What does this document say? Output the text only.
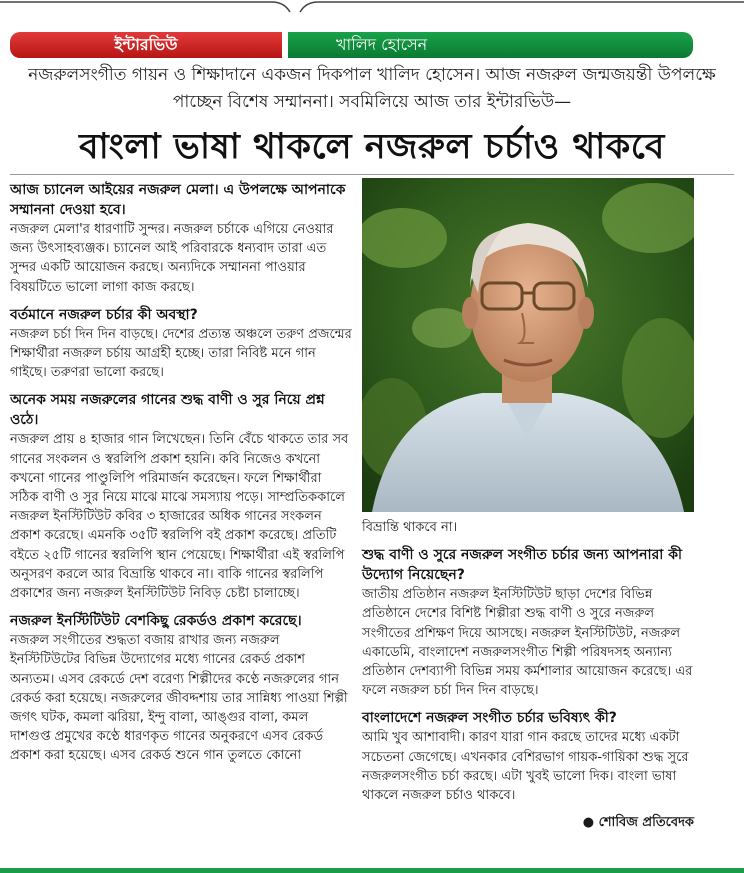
ইন্টারভিউ	খালিদ হোসেন
নজরুলসংগীত গায়ন ও শিক্ষাদানে একজন দিকপাল খালিদ হোসেন। আজ নজরুল জন্মজয়ন্তী উপলক্ষে পাচ্ছেন বিশেষ সম্মাননা। সবমিলিয়ে আজ তার ইন্টারভিউ—
বাংলা ভাষা থাকলে নজরুল চর্চাও থাকবে

আজ চ্যানেল আইয়ের নজরুল মেলা। এ উপলক্ষে আপনাকে সম্মাননা দেওয়া হবে।

নজরুল মেলা'র ধারণাটি সুন্দর। নজরুল চর্চাকে এগিয়ে নেওয়ার জন্য উৎসাহব্যঞ্জক। চ্যানেল আই পরিবারকে ধন্যবাদ তারা এত সুন্দর একটি আয়োজন করছে। অন্যদিকে সম্মাননা পাওয়ার বিষয়টিতে ভালো লাগা কাজ করছে।

বর্তমানে নজরুল চর্চার কী অবস্থা?

নজরুল চর্চা দিন দিন বাড়ছে। দেশের প্রত্যন্ত অঞ্চলে তরুণ প্রজন্মের শিক্ষার্থীরা নজরুল চর্চায় আগ্রহী হচ্ছে। তারা নিবিষ্ট মনে গান গাইছে। তরুণরা ভালো করছে।

অনেক সময় নজরুলের গানের শুদ্ধ বাণী ও সুর নিয়ে প্রশ্ন ওঠে।

নজরুল প্রায় ৪ হাজার গান লিখেছেন। তিনি বেঁচে থাকতে তার সব গানের সংকলন ও স্বরলিপি প্রকাশ হয়নি। কবি নিজেও কখনো কখনো গানের পাণ্ডুলিপি পরিমার্জন করেছেন। ফলে শিক্ষার্থীরা সঠিক বাণী ও সুর নিয়ে মাঝে মাঝে সমস্যায় পড়ে। সাম্প্রতিককালে নজরুল ইনস্টিটিউট কবির ৩ হাজারের অধিক গানের সংকলন প্রকাশ করেছে। এমনকি ৩৫টি স্বরলিপি বই প্রকাশ করেছে। প্রতিটি বইতে ২৫টি গানের স্বরলিপি স্থান পেয়েছে। শিক্ষার্থীরা এই স্বরলিপি অনুসরণ করলে আর বিভ্রান্তি থাকবে না। বাকি গানের স্বরলিপি প্রকাশের জন্য নজরুল ইনস্টিটিউট নিবিড় চেষ্টা চালাচ্ছে।

নজরুল ইনস্টিটিউট বেশকিছু রেকর্ডও প্রকাশ করেছে।

নজরুল সংগীতের শুদ্ধতা বজায় রাখার জন্য নজরুল ইনস্টিটিউটের বিভিন্ন উদ্যোগের মধ্যে গানের রেকর্ড প্রকাশ অন্যতম। এসব রেকর্ডে দেশ বরেণ্য শিল্পীদের কণ্ঠে নজরুলের গান রেকর্ড করা হয়েছে। নজরুলের জীবদ্দশায় তার সান্নিধ্য পাওয়া শিল্পী জগৎ ঘটক, কমলা ঝরিয়া, ইন্দু বালা, আঙ্গুর বালা, কমল দাশগুপ্ত প্রমুখের কণ্ঠে ধারণকৃত গানের অনুকরণে এসব রেকর্ড প্রকাশ করা হয়েছে। এসব রেকর্ড শুনে গান তুলতে কোনো

বিভ্রান্তি থাকবে না।

শুদ্ধ বাণী ও সুরে নজরুল সংগীত চর্চার জন্য আপনারা কী উদ্যোগ নিয়েছেন?

জাতীয় প্রতিষ্ঠান নজরুল ইনস্টিটিউট ছাড়া দেশের বিভিন্ন প্রতিষ্ঠানে দেশের বিশিষ্ট শিল্পীরা শুদ্ধ বাণী ও সুরে নজরুল সংগীতের প্রশিক্ষণ দিয়ে আসছে। নজরুল ইনস্টিটিউট, নজরুল একাডেমি, বাংলাদেশ নজরুলসংগীত শিল্পী পরিষদসহ অন্যান্য প্রতিষ্ঠান দেশব্যাপী বিভিন্ন সময় কর্মশালার আয়োজন করেছে। এর ফলে নজরুল চর্চা দিন দিন বাড়ছে।

বাংলাদেশে নজরুল সংগীত চর্চার ভবিষ্যৎ কী?

আমি খুব আশাবাদী। কারণ যারা গান করছে তাদের মধ্যে একটা সচেতনা জেগেছে। এখনকার বেশিরভাগ গায়ক-গায়িকা শুদ্ধ সুরে নজরুলসংগীত চর্চা করছে। এটা খুবই ভালো দিক। বাংলা ভাষা থাকলে নজরুল চর্চাও থাকবে।

● শোবিজ প্রতিবেদক
